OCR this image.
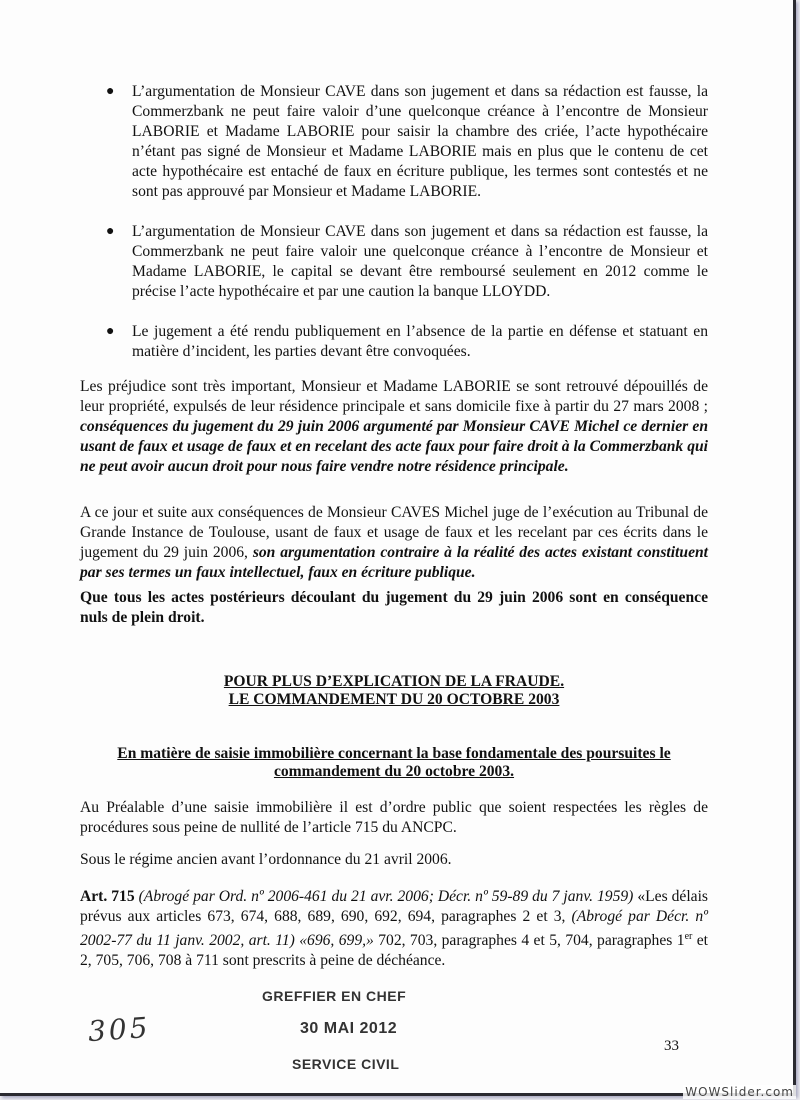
● L’argumentation de Monsieur CAVE dans son jugement et dans sa rédaction est fausse, la Commerzbank ne peut faire valoir d’une quelconque créance à l’encontre de Monsieur LABORIE et Madame LABORIE pour saisir la chambre des criée, l’acte hypothécaire n’étant pas signé de Monsieur et Madame LABORIE mais en plus que le contenu de cet acte hypothécaire est entaché de faux en écriture publique, les termes sont contestés et ne sont pas approuvé par Monsieur et Madame LABORIE.
● L’argumentation de Monsieur CAVE dans son jugement et dans sa rédaction est fausse, la Commerzbank ne peut faire valoir une quelconque créance à l’encontre de Monsieur et Madame LABORIE, le capital se devant être remboursé seulement en 2012 comme le précise l’acte hypothécaire et par une caution la banque LLOYDD.
● Le jugement a été rendu publiquement en l’absence de la partie en défense et statuant en matière d’incident, les parties devant être convoquées.
Les préjudice sont très important, Monsieur et Madame LABORIE se sont retrouvé dépouillés de leur propriété, expulsés de leur résidence principale et sans domicile fixe à partir du 27 mars 2008 ; conséquences du jugement du 29 juin 2006 argumenté par Monsieur CAVE Michel ce dernier en usant de faux et usage de faux et en recelant des acte faux pour faire droit à la Commerzbank qui ne peut avoir aucun droit pour nous faire vendre notre résidence principale.
A ce jour et suite aux conséquences de Monsieur CAVES Michel juge de l’exécution au Tribunal de Grande Instance de Toulouse, usant de faux et usage de faux et les recelant par ces écrits dans le jugement du 29 juin 2006, son argumentation contraire à la réalité des actes existant constituent par ses termes un faux intellectuel, faux en écriture publique.
Que tous les actes postérieurs découlant du jugement du 29 juin 2006 sont en conséquence nuls de plein droit.
POUR PLUS D’EXPLICATION DE LA FRAUDE.
LE COMMANDEMENT DU 20 OCTOBRE 2003
En matière de saisie immobilière concernant la base fondamentale des poursuites le
commandement du 20 octobre 2003.
Au Préalable d’une saisie immobilière il est d’ordre public que soient respectées les règles de procédures sous peine de nullité de l’article 715 du ANCPC.
Sous le régime ancien avant l’ordonnance du 21 avril 2006.
Art. 715 (Abrogé par Ord. nº 2006-461 du 21 avr. 2006; Décr. nº 59-89 du 7 janv. 1959) «Les délais prévus aux articles 673, 674, 688, 689, 690, 692, 694, paragraphes 2 et 3, (Abrogé par Décr. nº 2002-77 du 11 janv. 2002, art. 11) «696, 699,» 702, 703, paragraphes 4 et 5, 704, paragraphes 1er et 2, 705, 706, 708 à 711 sont prescrits à peine de déchéance.
GREFFIER EN CHEF
30 MAI 2012
SERVICE CIVIL
305	33
WOWSlider.com
